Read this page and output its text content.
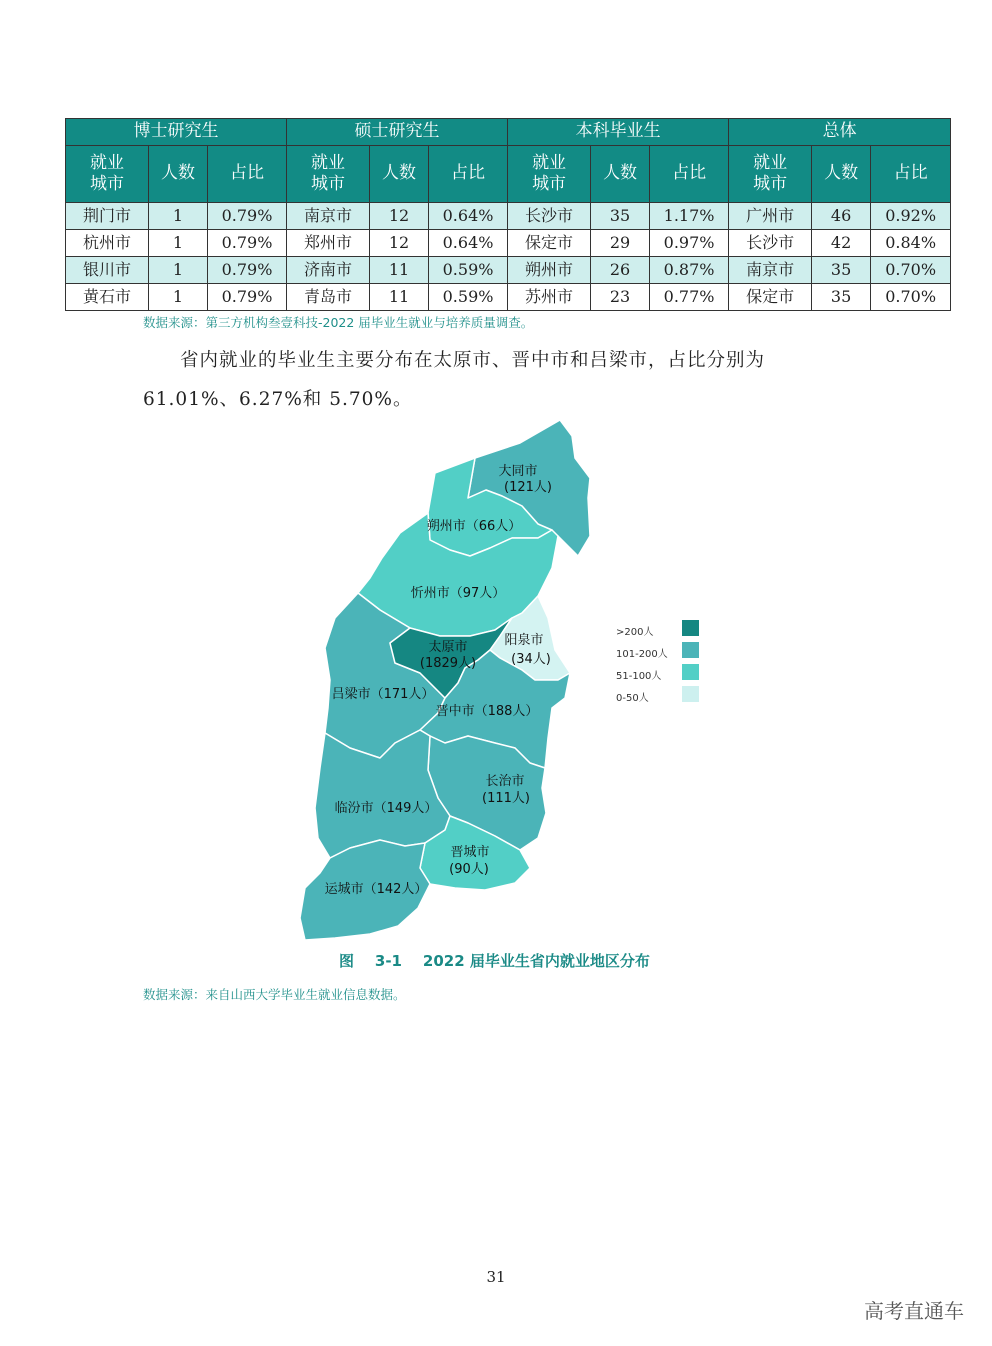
博士研究生			硕士研究生			本科毕业生			总体		
就业城市	人数	占比	就业城市	人数	占比	就业城市	人数	占比	就业城市	人数	占比
荆门市	1	0.79%	南京市	12	0.64%	长沙市	35	1.17%	广州市	46	0.92%
杭州市	1	0.79%	郑州市	12	0.64%	保定市	29	0.97%	长沙市	42	0.84%
银川市	1	0.79%	济南市	11	0.59%	朔州市	26	0.87%	南京市	35	0.70%
黄石市	1	0.79%	青岛市	11	0.59%	苏州市	23	0.77%	保定市	35	0.70%
数据来源：第三方机构叁壹科技-2022 届毕业生就业与培养质量调查。
省内就业的毕业生主要分布在太原市、晋中市和吕梁市，占比分别为
61.01%、6.27%和 5.70%。
大同市
(121人)
朔州市（66人）
忻州市（97人）
太原市
(1829人)
阳泉市
(34人)
吕梁市（171人）
晋中市（188人）
长治市
(111人)
临汾市（149人）
晋城市
(90人)
运城市（142人）
>200人
101-200人
51-100人
0-50人
图    3-1    2022 届毕业生省内就业地区分布
数据来源：来自山西大学毕业生就业信息数据。
31
高考直通车
